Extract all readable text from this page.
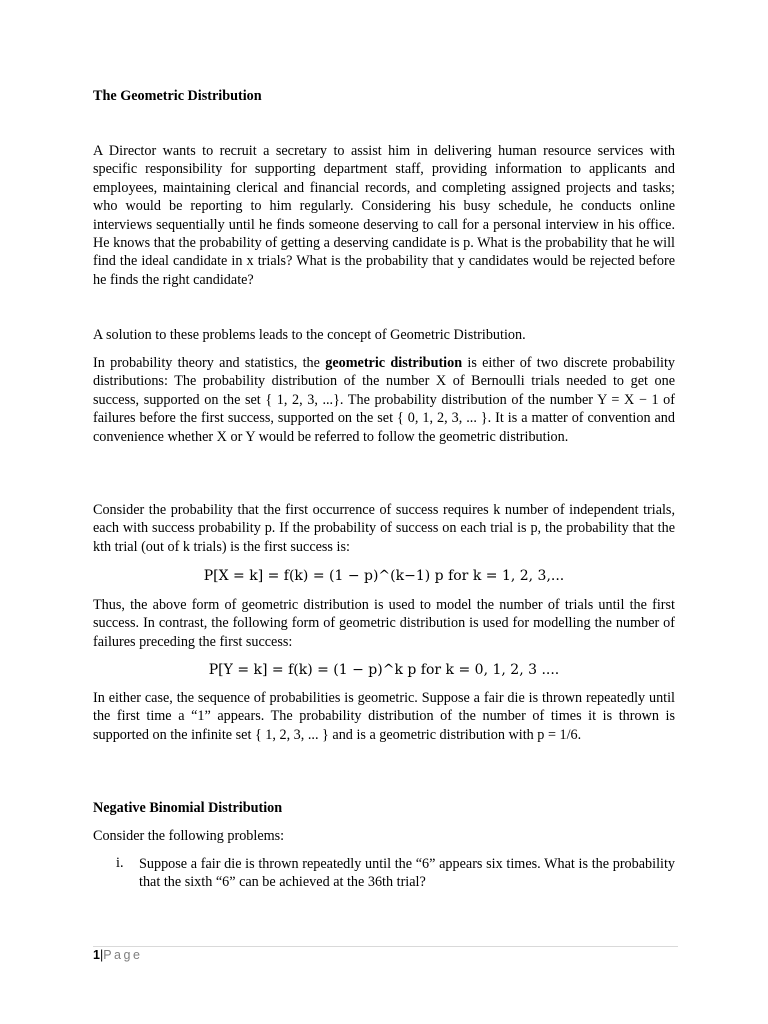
The Geometric Distribution

A Director wants to recruit a secretary to assist him in delivering human resource services with specific responsibility for supporting department staff, providing information to applicants and employees, maintaining clerical and financial records, and completing assigned projects and tasks; who would be reporting to him regularly. Considering his busy schedule, he conducts online interviews sequentially until he finds someone deserving to call for a personal interview in his office. He knows that the probability of getting a deserving candidate is p. What is the probability that he will find the ideal candidate in x trials? What is the probability that y candidates would be rejected before he finds the right candidate?

A solution to these problems leads to the concept of Geometric Distribution.

In probability theory and statistics, the geometric distribution is either of two discrete probability distributions: The probability distribution of the number X of Bernoulli trials needed to get one success, supported on the set { 1, 2, 3, ...}. The probability distribution of the number Y = X − 1 of failures before the first success, supported on the set { 0, 1, 2, 3, ... }. It is a matter of convention and convenience whether X or Y would be referred to follow the geometric distribution.

Consider the probability that the first occurrence of success requires k number of independent trials, each with success probability p. If the probability of success on each trial is p, the probability that the kth trial (out of k trials) is the first success is:

P[X = k] = f(k) = (1 − p)^(k−1) p for k = 1, 2, 3,...

Thus, the above form of geometric distribution is used to model the number of trials until the first success. In contrast, the following form of geometric distribution is used for modelling the number of failures preceding the first success:

P[Y = k] = f(k) = (1 − p)^k p for k = 0, 1, 2, 3 ....

In either case, the sequence of probabilities is geometric. Suppose a fair die is thrown repeatedly until the first time a “1” appears. The probability distribution of the number of times it is thrown is supported on the infinite set { 1, 2, 3, ... } and is a geometric distribution with p = 1/6.

Negative Binomial Distribution

Consider the following problems:

i. Suppose a fair die is thrown repeatedly until the “6” appears six times. What is the probability that the sixth “6” can be achieved at the 36th trial?
1|Page
